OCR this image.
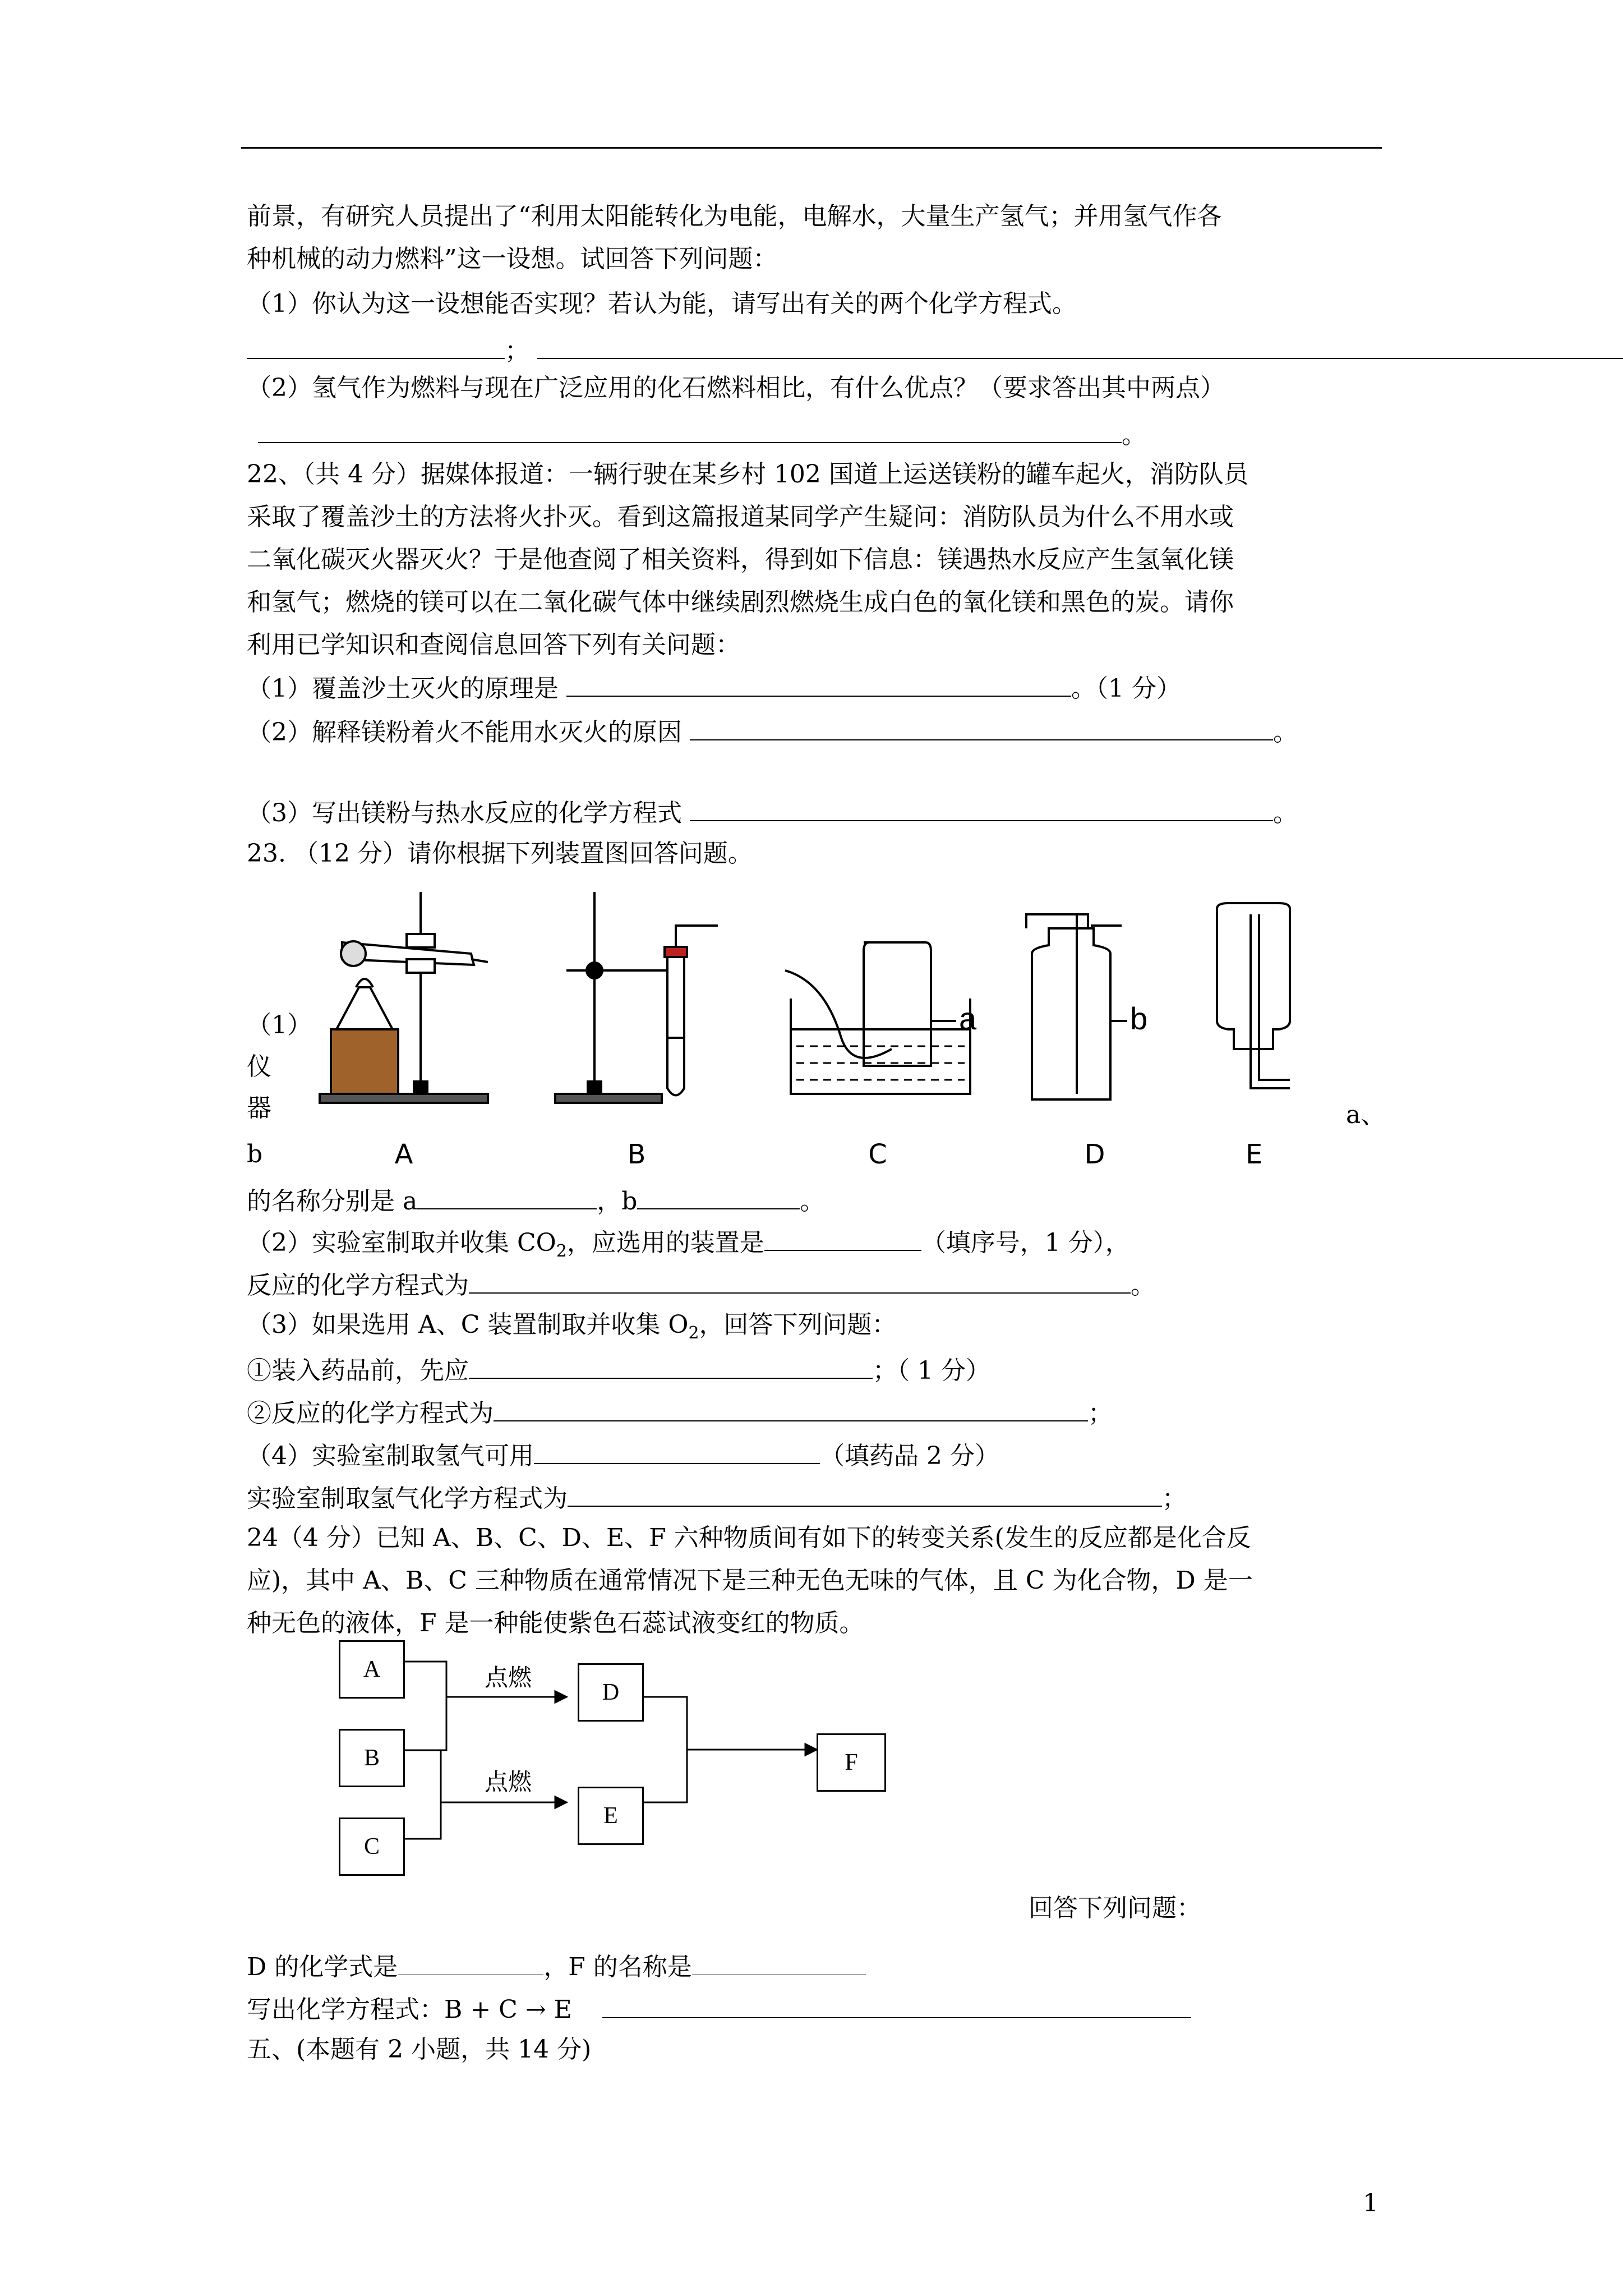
前景，有研究人员提出了“利用太阳能转化为电能，电解水，大量生产氢气；并用氢气作各
种机械的动力燃料”这一设想。试回答下列问题：
（1）你认为这一设想能否实现？若认为能，请写出有关的两个化学方程式。
；
（2）氢气作为燃料与现在广泛应用的化石燃料相比，有什么优点？（要求答出其中两点）
。
22、（共 4 分）据媒体报道：一辆行驶在某乡村 102 国道上运送镁粉的罐车起火，消防队员
采取了覆盖沙土的方法将火扑灭。看到这篇报道某同学产生疑问：消防队员为什么不用水或
二氧化碳灭火器灭火？于是他查阅了相关资料，得到如下信息：镁遇热水反应产生氢氧化镁
和氢气；燃烧的镁可以在二氧化碳气体中继续剧烈燃烧生成白色的氧化镁和黑色的炭。请你
利用已学知识和查阅信息回答下列有关问题：
（1）覆盖沙土灭火的原理是	。（1 分）
（2）解释镁粉着火不能用水灭火的原因	。
（3）写出镁粉与热水反应的化学方程式	。
23. （12 分）请你根据下列装置图回答问题。
a	b
A	B	C	D	E
（1）
仪
器	a、
b
的名称分别是 a	，b	。
（2）实验室制取并收集 $CO_2$，应选用的装置是	（填序号，1 分），
反应的化学方程式为	。
（3）如果选用 A、C 装置制取并收集 $O_2$，回答下列问题：
①装入药品前，先应	；（ 1 分）
②反应的化学方程式为	；
（4）实验室制取氢气可用	（填药品 2 分）
实验室制取氢气化学方程式为	；
24（4 分）已知 A、B、C、D、E、F 六种物质间有如下的转变关系(发生的反应都是化合反
应)，其中 A、B、C 三种物质在通常情况下是三种无色无味的气体，且 C 为化合物，D 是一
种无色的液体，F 是一种能使紫色石蕊试液变红的物质。
A
B
C
D
E
F
点燃
点燃
回答下列问题：
D 的化学式是	，F 的名称是
写出化学方程式：B + C → E
五、(本题有 2 小题，共 14 分)
1
